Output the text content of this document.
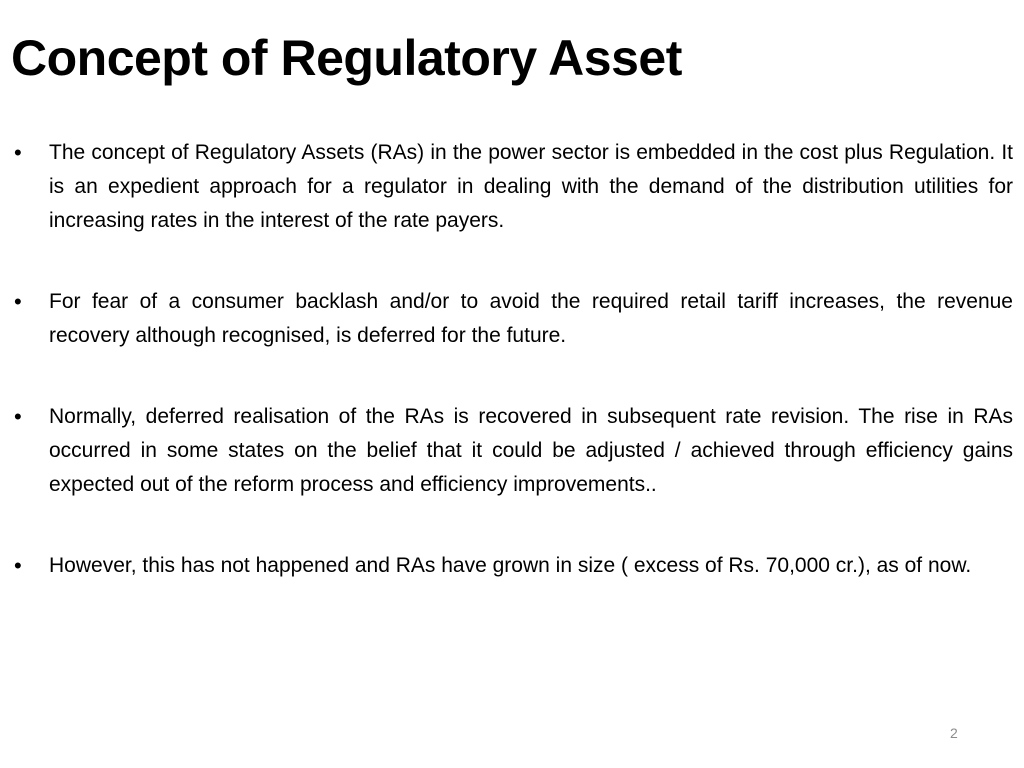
Concept of Regulatory Asset
• The concept of Regulatory Assets (RAs) in the power sector is embedded in the cost plus Regulation. It is an expedient approach for a regulator in dealing with the demand of the distribution utilities for increasing rates in the interest of the rate payers.
• For fear of a consumer backlash and/or to avoid the required retail tariff increases, the revenue recovery although recognised, is deferred for the future.
• Normally, deferred realisation of the RAs is recovered in subsequent rate revision. The rise in RAs occurred in some states on the belief that it could be adjusted / achieved through efficiency gains expected out of the reform process and efficiency improvements..
• However, this has not happened and RAs have grown in size ( excess of Rs. 70,000 cr.), as of now.
2
